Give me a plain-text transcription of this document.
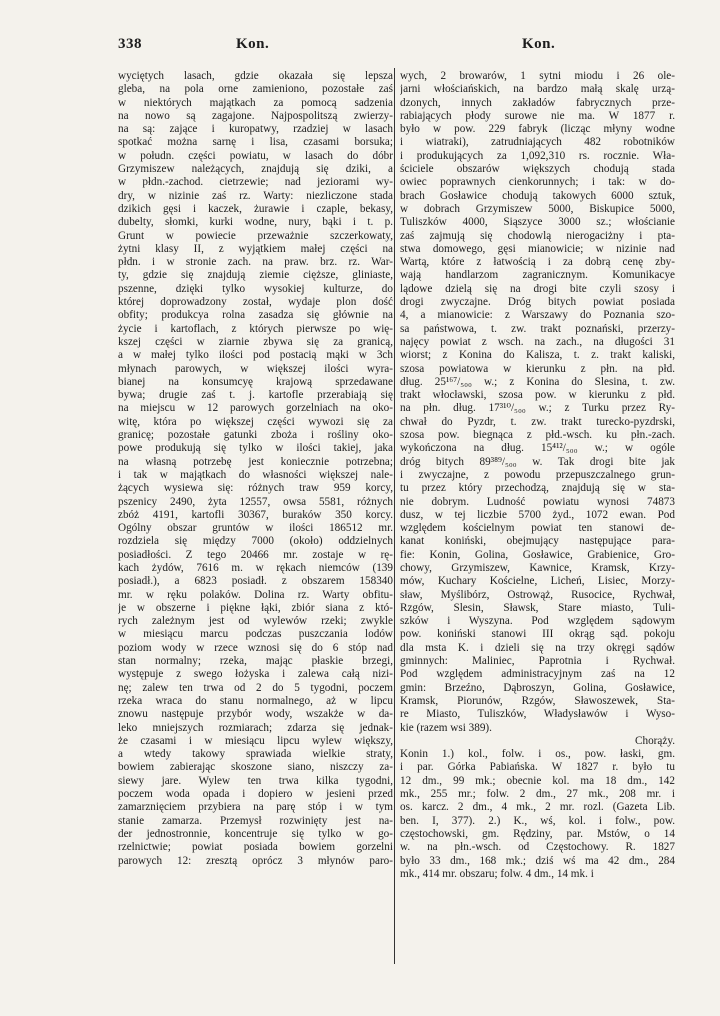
338	Kon.	Kon.
wyciętych lasach, gdzie okazała się lepsza
gleba, na pola orne zamieniono, pozostałe zaś
w niektórych majątkach za pomocą sadzenia
na nowo są zagajone. Najpospolitszą zwierzy-
na są: zające i kuropatwy, rzadziej w lasach
spotkać można sarnę i lisa, czasami borsuka;
w połudn. części powiatu, w lasach do dóbr
Grzymiszew należących, znajdują się dziki, a
w płdn.-zachod. cietrzewie; nad jeziorami wy-
dry, w nizinie zaś rz. Warty: niezliczone stada
dzikich gęsi i kaczek, żurawie i czaple, bekasy,
dubelty, słomki, kurki wodne, nury, bąki i t. p.
Grunt w powiecie przeważnie szczerkowaty,
żytni klasy II, z wyjątkiem małej części na
płdn. i w stronie zach. na praw. brz. rz. War-
ty, gdzie się znajdują ziemie cięższe, gliniaste,
pszenne, dzięki tylko wysokiej kulturze, do
której doprowadzony został, wydaje plon dość
obfity; produkcya rolna zasadza się głównie na
życie i kartoflach, z których pierwsze po wię-
kszej części w ziarnie zbywa się za granicą,
a w małej tylko ilości pod postacią mąki w 3ch
młynach parowych, w większej ilości wyra-
bianej na konsumcyę krajową sprzedawane
bywa; drugie zaś t. j. kartofle przerabiają się
na miejscu w 12 parowych gorzelniach na oko-
witę, która po większej części wywozi się za
granicę; pozostałe gatunki zboża i rośliny oko-
powe produkują się tylko w ilości takiej, jaka
na własną potrzebę jest koniecznie potrzebna;
i tak w majątkach do własności większej nale-
żących wysiewa się: różnych traw 959 korcy,
pszenicy 2490, żyta 12557, owsa 5581, różnych
zbóż 4191, kartofli 30367, buraków 350 korcy.
Ogólny obszar gruntów w ilości 186512 mr.
rozdziela się między 7000 (około) oddzielnych
posiadłości. Z tego 20466 mr. zostaje w rę-
kach żydów, 7616 m. w rękach niemców (139
posiadł.), a 6823 posiadł. z obszarem 158340
mr. w ręku polaków. Dolina rz. Warty obfitu-
je w obszerne i piękne łąki, zbiór siana z któ-
rych zależnym jest od wylewów rzeki; zwykle
w miesiącu marcu podczas puszczania lodów
poziom wody w rzece wznosi się do 6 stóp nad
stan normalny; rzeka, mając płaskie brzegi,
występuje z swego łożyska i zalewa całą nizi-
nę; zalew ten trwa od 2 do 5 tygodni, poczem
rzeka wraca do stanu normalnego, aż w lipcu
znowu następuje przybór wody, wszakże w da-
leko mniejszych rozmiarach; zdarza się jednak-
że czasami i w miesiącu lipcu wylew większy,
a wtedy takowy sprawiada wielkie straty,
bowiem zabierając skoszone siano, niszczy za-
siewy jare. Wylew ten trwa kilka tygodni,
poczem woda opada i dopiero w jesieni przed
zamarznięciem przybiera na parę stóp i w tym
stanie zamarza. Przemysł rozwinięty jest na-
der jednostronnie, koncentruje się tylko w go-
rzelnictwie; powiat posiada bowiem gorzelni
parowych 12: zresztą oprócz 3 młynów paro-
wych, 2 browarów, 1 sytni miodu i 26 ole-
jarni włościańskich, na bardzo małą skalę urzą-
dzonych, innych zakładów fabrycznych prze-
rabiających płody surowe nie ma. W 1877 r.
było w pow. 229 fabryk (licząc młyny wodne
i wiatraki), zatrudniających 482 robotników
i produkujących za 1,092,310 rs. rocznie. Wła-
ściciele obszarów większych chodują stada
owiec poprawnych cienkorunnych; i tak: w do-
brach Gosławice chodują takowych 6000 sztuk,
w dobrach Grzymiszew 5000, Biskupice 5000,
Tuliszków 4000, Siąszyce 3000 sz.; włościanie
zaś zajmują się chodowlą nierogaciżny i pta-
stwa domowego, gęsi mianowicie; w nizinie nad
Wartą, które z łatwością i za dobrą cenę zby-
wają handlarzom zagranicznym. Komunikacye
lądowe dzielą się na drogi bite czyli szosy i
drogi zwyczajne. Dróg bitych powiat posiada
4, a mianowicie: z Warszawy do Poznania szo-
sa państwowa, t. zw. trakt poznański, przerzy-
najęcy powiat z wsch. na zach., na długości 31
wiorst; z Konina do Kalisza, t. z. trakt kaliski,
szosa powiatowa w kierunku z płn. na płd.
dług. 25¹⁶⁷/₅₀₀ w.; z Konina do Slesina, t. zw.
trakt włocławski, szosa pow. w kierunku z płd.
na płn. dług. 17³¹⁰/₅₀₀ w.; z Turku przez Ry-
chwał do Pyzdr, t. zw. trakt turecko-pyzdrski,
szosa pow. biegnąca z płd.-wsch. ku płn.-zach.
wykończona na dług. 15⁴¹²/₅₀₀ w.; w ogóle
dróg bitych 89³⁸⁹/₅₀₀ w. Tak drogi bite jak
i zwyczajne, z powodu przepuszczalnego grun-
tu przez który przechodzą, znajdują się w sta-
nie dobrym. Ludność powiatu wynosi 74873
dusz, w tej liczbie 5700 żyd., 1072 ewan. Pod
względem kościelnym powiat ten stanowi de-
kanat koniński, obejmujący następujące para-
fie: Konin, Golina, Gosławice, Grabienice, Gro-
chowy, Grzymiszew, Kawnice, Kramsk, Krzy-
mów, Kuchary Kościelne, Licheń, Lisiec, Morzy-
sław, Myślibórz, Ostrowąż, Rusocice, Rychwał,
Rzgów, Slesin, Sławsk, Stare miasto, Tuli-
szków i Wyszyna. Pod względem sądowym
pow. koniński stanowi III okrąg sąd. pokoju
dla msta K. i dzieli się na trzy okręgi sądów
gminnych: Maliniec, Paprotnia i Rychwał.
Pod względem administracyjnym zaś na 12
gmin: Brzeźno, Dąbroszyn, Golina, Gosławice,
Kramsk, Piorunów, Rzgów, Sławoszewek, Sta-
re Miasto, Tuliszków, Władysławów i Wyso-
kie (razem wsi 389).
Chorąży.
Konin 1.) kol., folw. i os., pow. łaski, gm.
i par. Górka Pabiańska. W 1827 r. było tu
12 dm., 99 mk.; obecnie kol. ma 18 dm., 142
mk., 255 mr.; folw. 2 dm., 27 mk., 208 mr. i
os. karcz. 2 dm., 4 mk., 2 mr. rozl. (Gazeta Lib.
ben. I, 377). 2.) K., wś, kol. i folw., pow.
częstochowski, gm. Rędziny, par. Mstów, o 14
w. na płn.-wsch. od Częstochowy. R. 1827
było 33 dm., 168 mk.; dziś wś ma 42 dm., 284
mk., 414 mr. obszaru; folw. 4 dm., 14 mk. i
